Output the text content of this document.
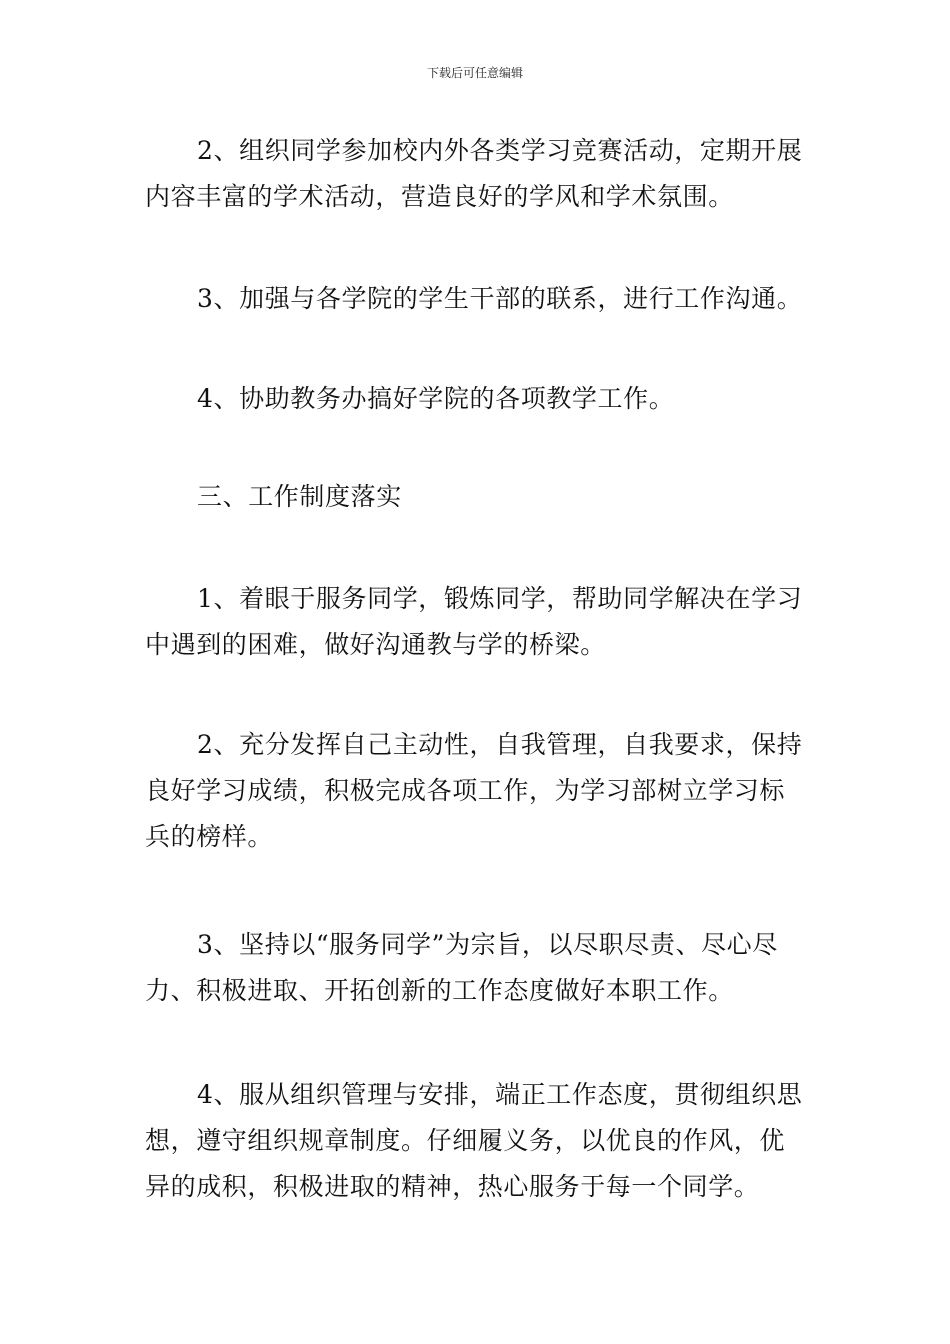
下载后可任意编辑
2、组织同学参加校内外各类学习竞赛活动，定期开展
内容丰富的学术活动，营造良好的学风和学术氛围。
3、加强与各学院的学生干部的联系，进行工作沟通。
4、协助教务办搞好学院的各项教学工作。
三、工作制度落实
1、着眼于服务同学，锻炼同学，帮助同学解决在学习
中遇到的困难，做好沟通教与学的桥梁。
2、充分发挥自己主动性，自我管理，自我要求，保持
良好学习成绩，积极完成各项工作，为学习部树立学习标
兵的榜样。
3、坚持以“服务同学”为宗旨，以尽职尽责、尽心尽
力、积极进取、开拓创新的工作态度做好本职工作。
4、服从组织管理与安排，端正工作态度，贯彻组织思
想，遵守组织规章制度。仔细履义务，以优良的作风，优
异的成积，积极进取的精神，热心服务于每一个同学。
